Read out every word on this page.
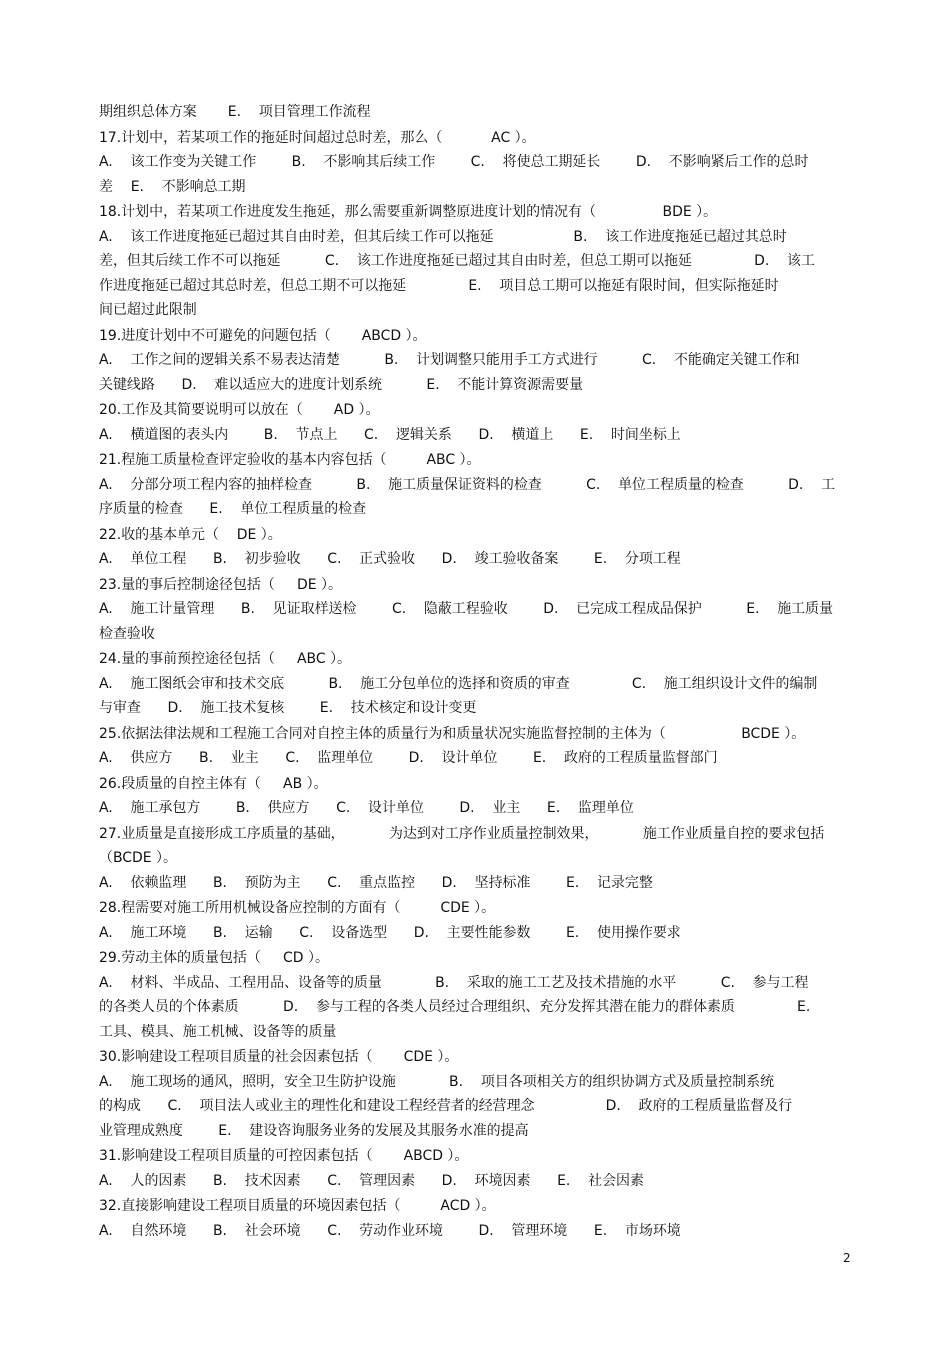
期组织总体方案       E.    项目管理工作流程
17.计划中，若某项工作的拖延时间超过总时差，那么（           AC ）。
A.    该工作变为关键工作        B.    不影响其后续工作        C.    将使总工期延长        D.    不影响紧后工作的总时
差    E.    不影响总工期
18.计划中，若某项工作进度发生拖延，那么需要重新调整原进度计划的情况有（               BDE ）。
A.    该工作进度拖延已超过其自由时差，但其后续工作可以拖延                  B.    该工作进度拖延已超过其总时
差，但其后续工作不可以拖延          C.    该工作进度拖延已超过其自由时差，但总工期可以拖延              D.    该工
作进度拖延已超过其总时差，但总工期不可以拖延              E.    项目总工期可以拖延有限时间，但实际拖延时
间已超过此限制
19.进度计划中不可避免的问题包括（       ABCD ）。
A.    工作之间的逻辑关系不易表达清楚          B.    计划调整只能用手工方式进行          C.    不能确定关键工作和
关键线路      D.    难以适应大的进度计划系统          E.    不能计算资源需要量
20.工作及其简要说明可以放在（       AD ）。
A.    横道图的表头内        B.    节点上      C.    逻辑关系      D.    横道上      E.    时间坐标上
21.程施工质量检查评定验收的基本内容包括（         ABC ）。
A.    分部分项工程内容的抽样检查          B.    施工质量保证资料的检查          C.    单位工程质量的检查          D.    工
序质量的检查      E.    单位工程质量的检查
22.收的基本单元（    DE ）。
A.    单位工程      B.    初步验收      C.    正式验收      D.    竣工验收备案        E.    分项工程
23.量的事后控制途径包括（     DE ）。
A.    施工计量管理      B.    见证取样送检        C.    隐蔽工程验收        D.    已完成工程成品保护          E.    施工质量
检查验收
24.量的事前预控途径包括（     ABC ）。
A.    施工图纸会审和技术交底          B.    施工分包单位的选择和资质的审查              C.    施工组织设计文件的编制
与审查      D.    施工技术复核        E.    技术核定和设计变更
25.依据法律法规和工程施工合同对自控主体的质量行为和质量状况实施监督控制的主体为（                 BCDE ）。
A.    供应方      B.    业主      C.    监理单位        D.    设计单位        E.    政府的工程质量监督部门
26.段质量的自控主体有（     AB ）。
A.    施工承包方        B.    供应方      C.    设计单位        D.    业主      E.    监理单位
27.业质量是直接形成工序质量的基础，          为达到对工序作业质量控制效果，          施工作业质量自控的要求包括
（BCDE ）。
A.    依赖监理      B.    预防为主      C.    重点监控      D.    坚持标准        E.    记录完整
28.程需要对施工所用机械设备应控制的方面有（         CDE ）。
A.    施工环境      B.    运输      C.    设备选型      D.    主要性能参数        E.    使用操作要求
29.劳动主体的质量包括（     CD ）。
A.    材料、半成品、工程用品、设备等的质量            B.    采取的施工工艺及技术措施的水平          C.    参与工程
的各类人员的个体素质          D.    参与工程的各类人员经过合理组织、充分发挥其潜在能力的群体素质              E.
工具、模具、施工机械、设备等的质量
30.影响建设工程项目质量的社会因素包括（       CDE ）。
A.    施工现场的通风，照明，安全卫生防护设施            B.    项目各项相关方的组织协调方式及质量控制系统
的构成      C.    项目法人或业主的理性化和建设工程经营者的经营理念                D.    政府的工程质量监督及行
业管理成熟度        E.    建设咨询服务业务的发展及其服务水准的提高
31.影响建设工程项目质量的可控因素包括（       ABCD ）。
A.    人的因素      B.    技术因素      C.    管理因素      D.    环境因素      E.    社会因素
32.直接影响建设工程项目质量的环境因素包括（         ACD ）。
A.    自然环境      B.    社会环境      C.    劳动作业环境        D.    管理环境      E.    市场环境
2
